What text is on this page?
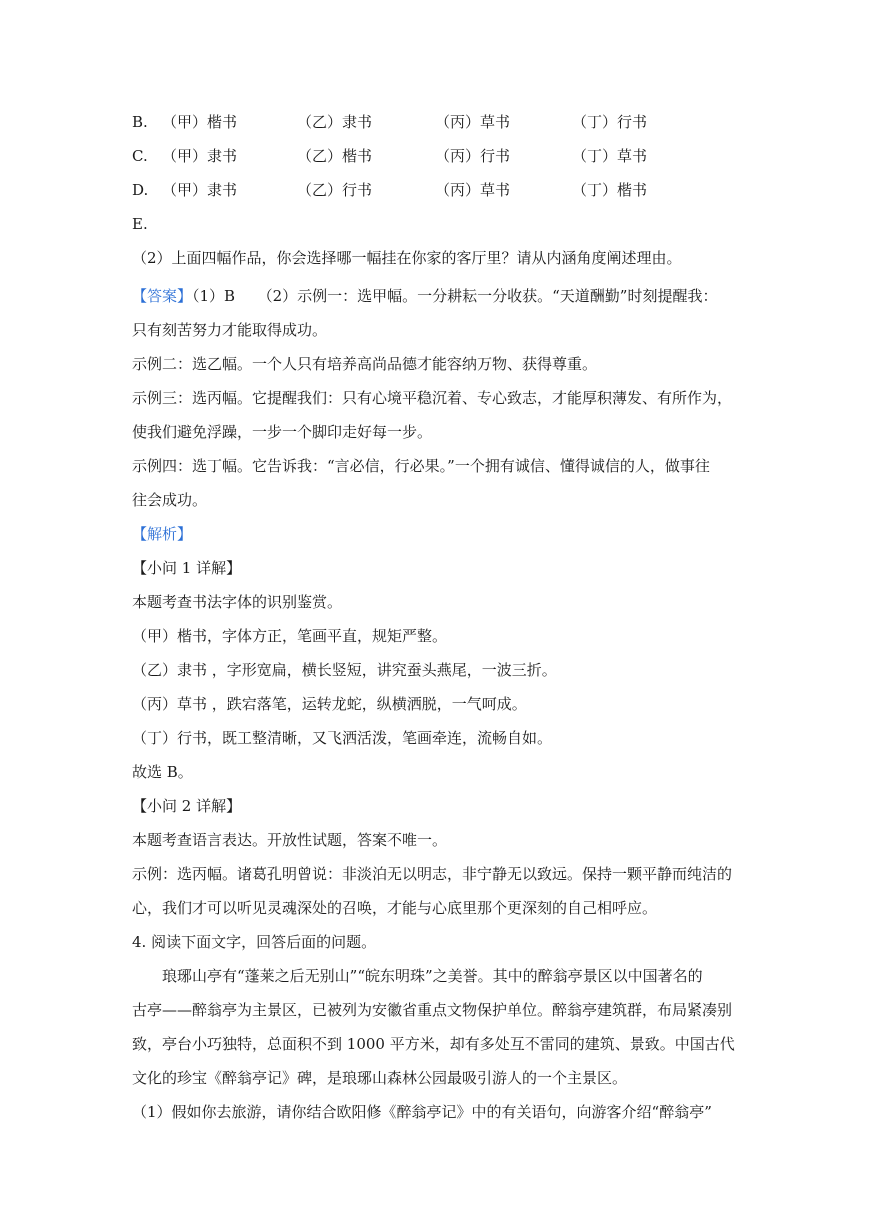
B. （甲）楷书	（乙）隶书	（丙）草书	（丁）行书
C. （甲）隶书	（乙）楷书	（丙）行书	（丁）草书
D. （甲）隶书	（乙）行书	（丙）草书	（丁）楷书
E.
（2）上面四幅作品，你会选择哪一幅挂在你家的客厅里？请从内涵角度阐述理由。
【答案】（1）B　　（2）示例一：选甲幅。一分耕耘一分收获。“天道酬勤”时刻提醒我：
只有刻苦努力才能取得成功。
示例二：选乙幅。一个人只有培养高尚品德才能容纳万物、获得尊重。
示例三：选丙幅。它提醒我们：只有心境平稳沉着、专心致志，才能厚积薄发、有所作为，
使我们避免浮躁，一步一个脚印走好每一步。
示例四：选丁幅。它告诉我：“言必信，行必果。”一个拥有诚信、懂得诚信的人，做事往
往会成功。
【解析】
【小问 1 详解】
本题考查书法字体的识别鉴赏。
（甲）楷书，字体方正，笔画平直，规矩严整。
（乙）隶书 ，字形宽扁，横长竖短，讲究蚕头燕尾，一波三折。
（丙）草书 ，跌宕落笔，运转龙蛇，纵横洒脱，一气呵成。
（丁）行书，既工整清晰，又飞洒活泼，笔画牵连，流畅自如。
故选 B。
【小问 2 详解】
本题考查语言表达。开放性试题，答案不唯一。
示例：选丙幅。诸葛孔明曾说：非淡泊无以明志，非宁静无以致远。保持一颗平静而纯洁的
心，我们才可以听见灵魂深处的召唤，才能与心底里那个更深刻的自己相呼应。
4. 阅读下面文字，回答后面的问题。
琅琊山亭有“蓬莱之后无别山”“皖东明珠”之美誉。其中的醉翁亭景区以中国著名的
古亭——醉翁亭为主景区，已被列为安徽省重点文物保护单位。醉翁亭建筑群，布局紧凑别
致，亭台小巧独特，总面积不到 1000 平方米，却有多处互不雷同的建筑、景致。中国古代
文化的珍宝《醉翁亭记》碑，是琅琊山森林公园最吸引游人的一个主景区。
（1）假如你去旅游，请你结合欧阳修《醉翁亭记》中的有关语句，向游客介绍“醉翁亭”
